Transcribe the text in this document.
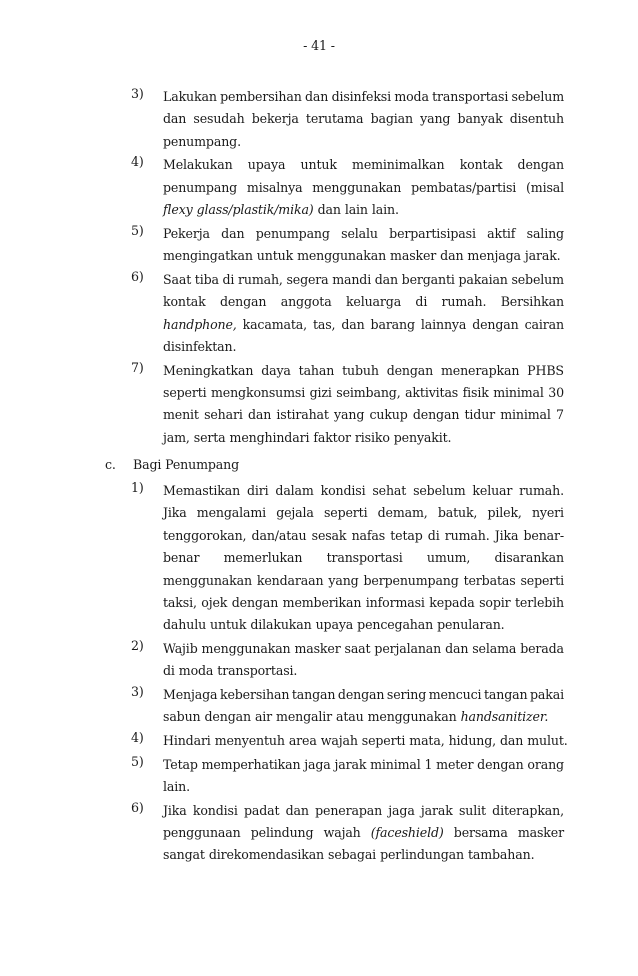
- 41 -
3)	Lakukan pembersihan dan disinfeksi moda transportasi sebelum
dan sesudah bekerja terutama bagian yang banyak disentuh
penumpang.
4)	Melakukan upaya untuk meminimalkan kontak dengan
penumpang misalnya menggunakan pembatas/partisi (misal
flexy glass/plastik/mika) dan lain lain.
5)	Pekerja dan penumpang selalu berpartisipasi aktif saling
mengingatkan untuk menggunakan masker dan menjaga jarak.
6)	Saat tiba di rumah, segera mandi dan berganti pakaian sebelum
kontak dengan anggota keluarga di rumah. Bersihkan
handphone, kacamata, tas, dan barang lainnya dengan cairan
disinfektan.
7)	Meningkatkan daya tahan tubuh dengan menerapkan PHBS
seperti mengkonsumsi gizi seimbang, aktivitas fisik minimal 30
menit sehari dan istirahat yang cukup dengan tidur minimal 7
jam, serta menghindari faktor risiko penyakit.
c. Bagi Penumpang
1)	Memastikan diri dalam kondisi sehat sebelum keluar rumah.
Jika mengalami gejala seperti demam, batuk, pilek, nyeri
tenggorokan, dan/atau sesak nafas tetap di rumah. Jika benar-
benar memerlukan transportasi umum, disarankan
menggunakan kendaraan yang berpenumpang terbatas seperti
taksi, ojek dengan memberikan informasi kepada sopir terlebih
dahulu untuk dilakukan upaya pencegahan penularan.
2)	Wajib menggunakan masker saat perjalanan dan selama berada
di moda transportasi.
3)	Menjaga kebersihan tangan dengan sering mencuci tangan pakai
sabun dengan air mengalir atau menggunakan handsanitizer.
4)	Hindari menyentuh area wajah seperti mata, hidung, dan mulut.
5)	Tetap memperhatikan jaga jarak minimal 1 meter dengan orang
lain.
6)	Jika kondisi padat dan penerapan jaga jarak sulit diterapkan,
penggunaan pelindung wajah (faceshield) bersama masker
sangat direkomendasikan sebagai perlindungan tambahan.
